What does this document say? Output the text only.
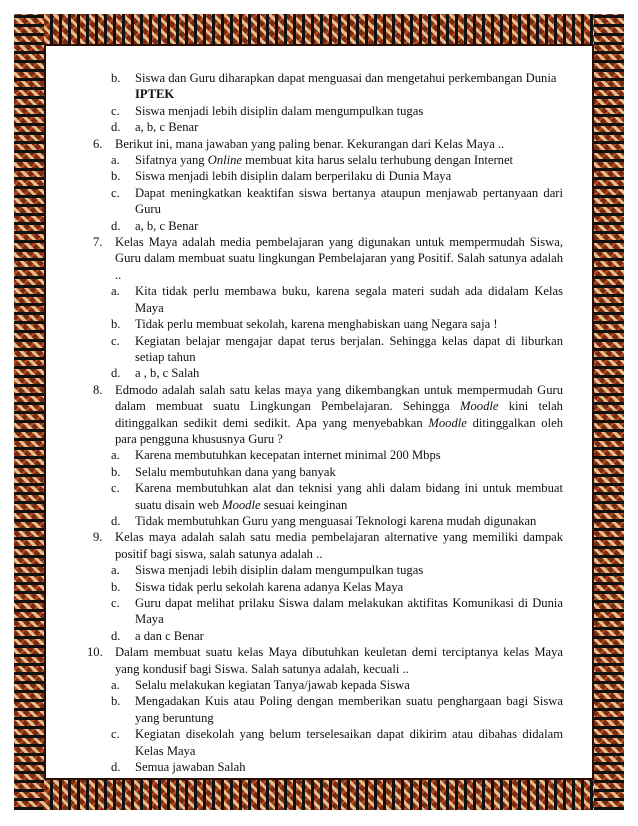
b. Siswa dan Guru diharapkan dapat menguasai dan mengetahui perkembangan Dunia
IPTEK

c. Siswa menjadi lebih disiplin dalam mengumpulkan tugas

d. a, b, c Benar

6. Berikut ini, mana jawaban yang paling benar. Kekurangan dari Kelas Maya ..

a. Sifatnya yang Online membuat kita harus selalu terhubung dengan Internet

b. Siswa menjadi lebih disiplin dalam berperilaku di Dunia Maya

c. Dapat meningkatkan keaktifan siswa bertanya ataupun menjawab pertanyaan dari Guru

d. a, b, c Benar

7. Kelas Maya adalah media pembelajaran yang digunakan untuk mempermudah Siswa, Guru dalam membuat suatu lingkungan Pembelajaran yang Positif. Salah satunya adalah ..

a. Kita tidak perlu membawa buku, karena segala materi sudah ada didalam Kelas Maya

b. Tidak perlu membuat sekolah, karena menghabiskan uang Negara saja !

c. Kegiatan belajar mengajar dapat terus berjalan. Sehingga kelas dapat di liburkan setiap tahun

d. a , b, c Salah

8. Edmodo adalah salah satu kelas maya yang dikembangkan untuk mempermudah Guru dalam membuat suatu Lingkungan Pembelajaran. Sehingga Moodle kini telah ditinggalkan sedikit demi sedikit. Apa yang menyebabkan Moodle ditinggalkan oleh para pengguna khususnya Guru ?

a. Karena membutuhkan kecepatan internet minimal 200 Mbps

b. Selalu membutuhkan dana yang banyak

c. Karena membutuhkan alat dan teknisi yang ahli dalam bidang ini untuk membuat suatu disain web Moodle sesuai keinginan

d. Tidak membutuhkan Guru yang menguasai Teknologi karena mudah digunakan

9. Kelas maya adalah salah satu media pembelajaran alternative yang memiliki dampak positif bagi siswa, salah satunya adalah ..

a. Siswa menjadi lebih disiplin dalam mengumpulkan tugas

b. Siswa tidak perlu sekolah karena adanya Kelas Maya

c. Guru dapat melihat prilaku Siswa dalam melakukan aktifitas Komunikasi di Dunia Maya

d. a dan c Benar

10. Dalam membuat suatu kelas Maya dibutuhkan keuletan demi terciptanya kelas Maya yang kondusif bagi Siswa. Salah satunya adalah, kecuali ..

a. Selalu melakukan kegiatan Tanya/jawab kepada Siswa

b. Mengadakan Kuis atau Poling dengan memberikan suatu penghargaan bagi Siswa yang beruntung

c. Kegiatan disekolah yang belum terselesaikan dapat dikirim atau dibahas didalam Kelas Maya

d. Semua jawaban Salah
